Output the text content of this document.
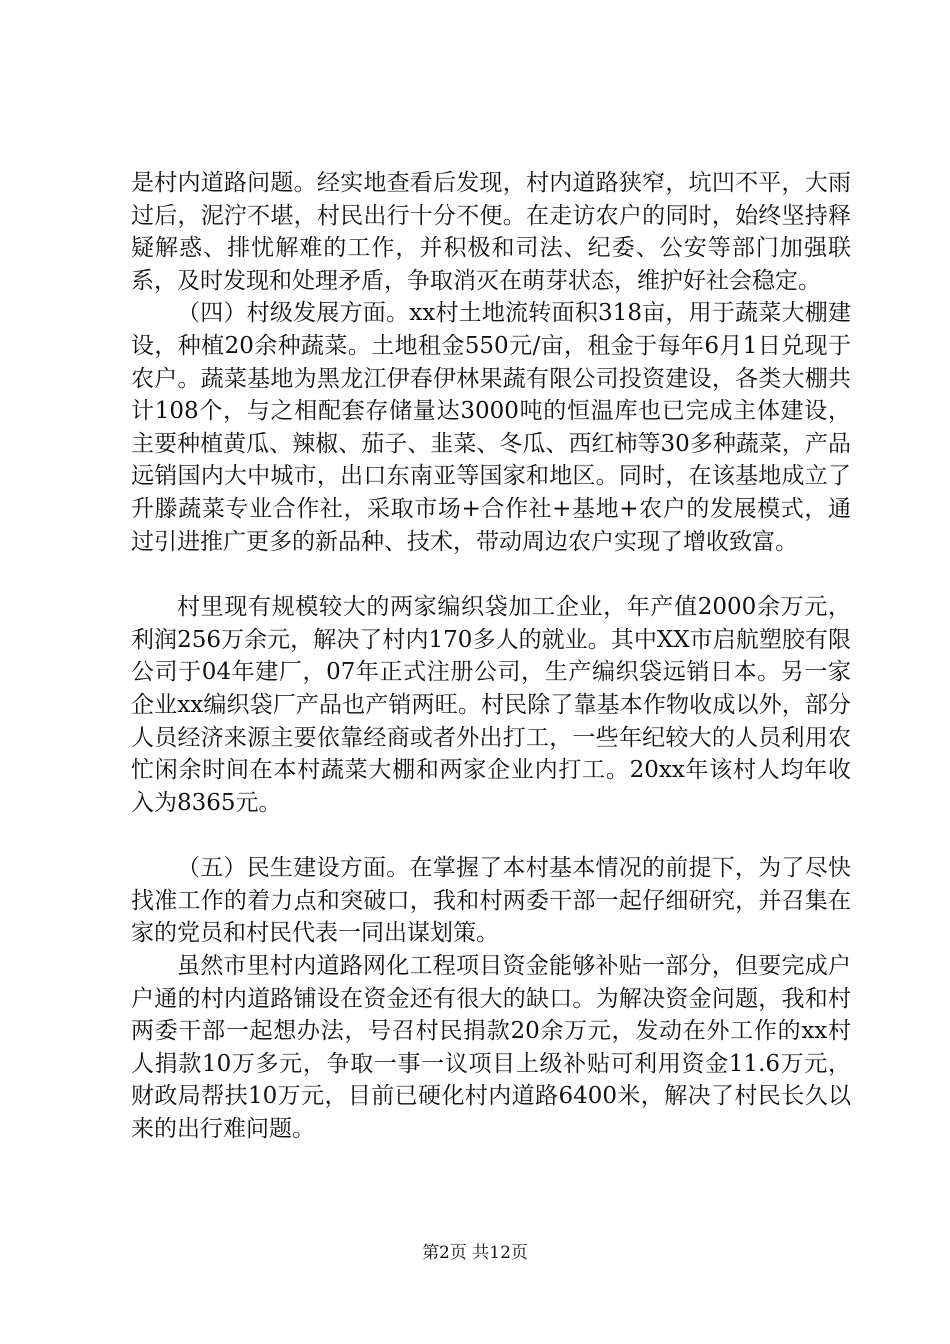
是村内道路问题。经实地查看后发现，村内道路狭窄，坑凹不平，大雨过后，泥泞不堪，村民出行十分不便。在走访农户的同时，始终坚持释疑解惑、排忧解难的工作，并积极和司法、纪委、公安等部门加强联系，及时发现和处理矛盾，争取消灭在萌芽状态，维护好社会稳定。

（四）村级发展方面。xx村土地流转面积318亩，用于蔬菜大棚建设，种植20余种蔬菜。土地租金550元/亩，租金于每年6月1日兑现于农户。蔬菜基地为黑龙江伊春伊林果蔬有限公司投资建设，各类大棚共计108个，与之相配套存储量达3000吨的恒温库也已完成主体建设，主要种植黄瓜、辣椒、茄子、韭菜、冬瓜、西红柿等30多种蔬菜，产品远销国内大中城市，出口东南亚等国家和地区。同时，在该基地成立了升滕蔬菜专业合作社，采取市场+合作社+基地+农户的发展模式，通过引进推广更多的新品种、技术，带动周边农户实现了增收致富。

村里现有规模较大的两家编织袋加工企业，年产值2000余万元，利润256万余元，解决了村内170多人的就业。其中XX市启航塑胶有限公司于04年建厂，07年正式注册公司，生产编织袋远销日本。另一家企业xx编织袋厂产品也产销两旺。村民除了靠基本作物收成以外，部分人员经济来源主要依靠经商或者外出打工，一些年纪较大的人员利用农忙闲余时间在本村蔬菜大棚和两家企业内打工。20xx年该村人均年收入为8365元。

（五）民生建设方面。在掌握了本村基本情况的前提下，为了尽快找准工作的着力点和突破口，我和村两委干部一起仔细研究，并召集在家的党员和村民代表一同出谋划策。

虽然市里村内道路网化工程项目资金能够补贴一部分，但要完成户户通的村内道路铺设在资金还有很大的缺口。为解决资金问题，我和村两委干部一起想办法，号召村民捐款20余万元，发动在外工作的xx村人捐款10万多元，争取一事一议项目上级补贴可利用资金11.6万元，财政局帮扶10万元，目前已硬化村内道路6400米，解决了村民长久以来的出行难问题。

第2页 共12页
